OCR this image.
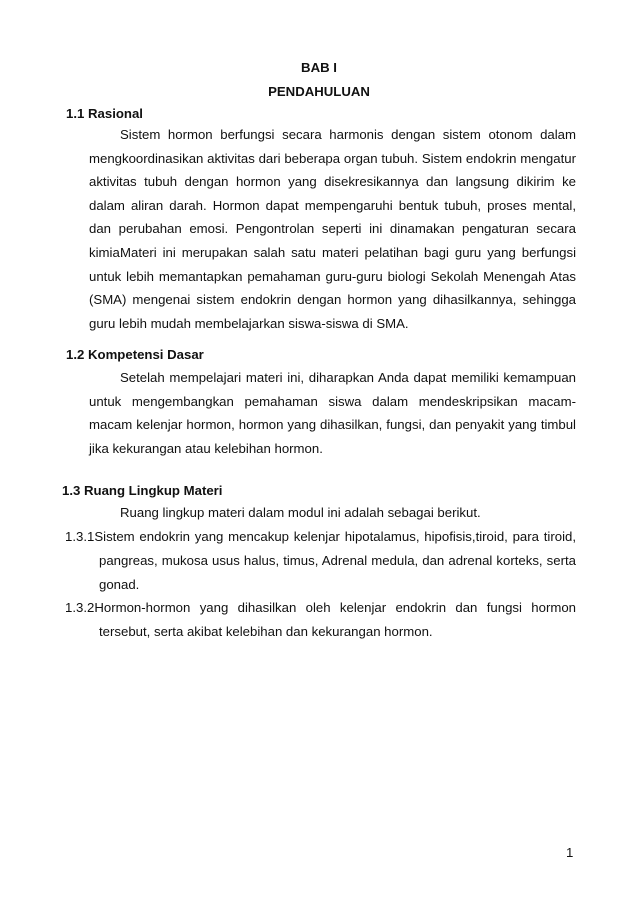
BAB I
PENDAHULUAN
1.1 Rasional
Sistem hormon berfungsi secara harmonis dengan sistem otonom dalam mengkoordinasikan aktivitas dari beberapa organ tubuh. Sistem endokrin mengatur aktivitas tubuh dengan hormon yang disekresikannya dan langsung dikirim ke dalam aliran darah. Hormon dapat mempengaruhi bentuk tubuh, proses mental, dan perubahan emosi. Pengontrolan seperti ini dinamakan pengaturan secara kimia.
Materi ini merupakan salah satu materi pelatihan bagi guru yang berfungsi untuk lebih memantapkan pemahaman guru-guru biologi Sekolah Menengah Atas (SMA) mengenai sistem endokrin dengan hormon yang dihasilkannya, sehingga guru lebih mudah membelajarkan siswa-siswa di SMA.
1.2 Kompetensi Dasar
Setelah mempelajari materi ini, diharapkan Anda dapat memiliki kemampuan untuk mengembangkan pemahaman siswa dalam mendeskripsikan macam-macam kelenjar hormon, hormon yang dihasilkan, fungsi, dan penyakit yang timbul jika kekurangan atau kelebihan hormon.
1.3 Ruang Lingkup Materi
Ruang lingkup materi dalam modul ini adalah sebagai berikut.
1.3.1Sistem endokrin yang mencakup kelenjar hipotalamus, hipofisis,tiroid, para tiroid, pangreas, mukosa usus halus, timus, Adrenal medula, dan adrenal korteks, serta gonad.
1.3.2Hormon-hormon yang dihasilkan oleh kelenjar endokrin dan fungsi hormon tersebut, serta akibat kelebihan dan kekurangan hormon.
1
